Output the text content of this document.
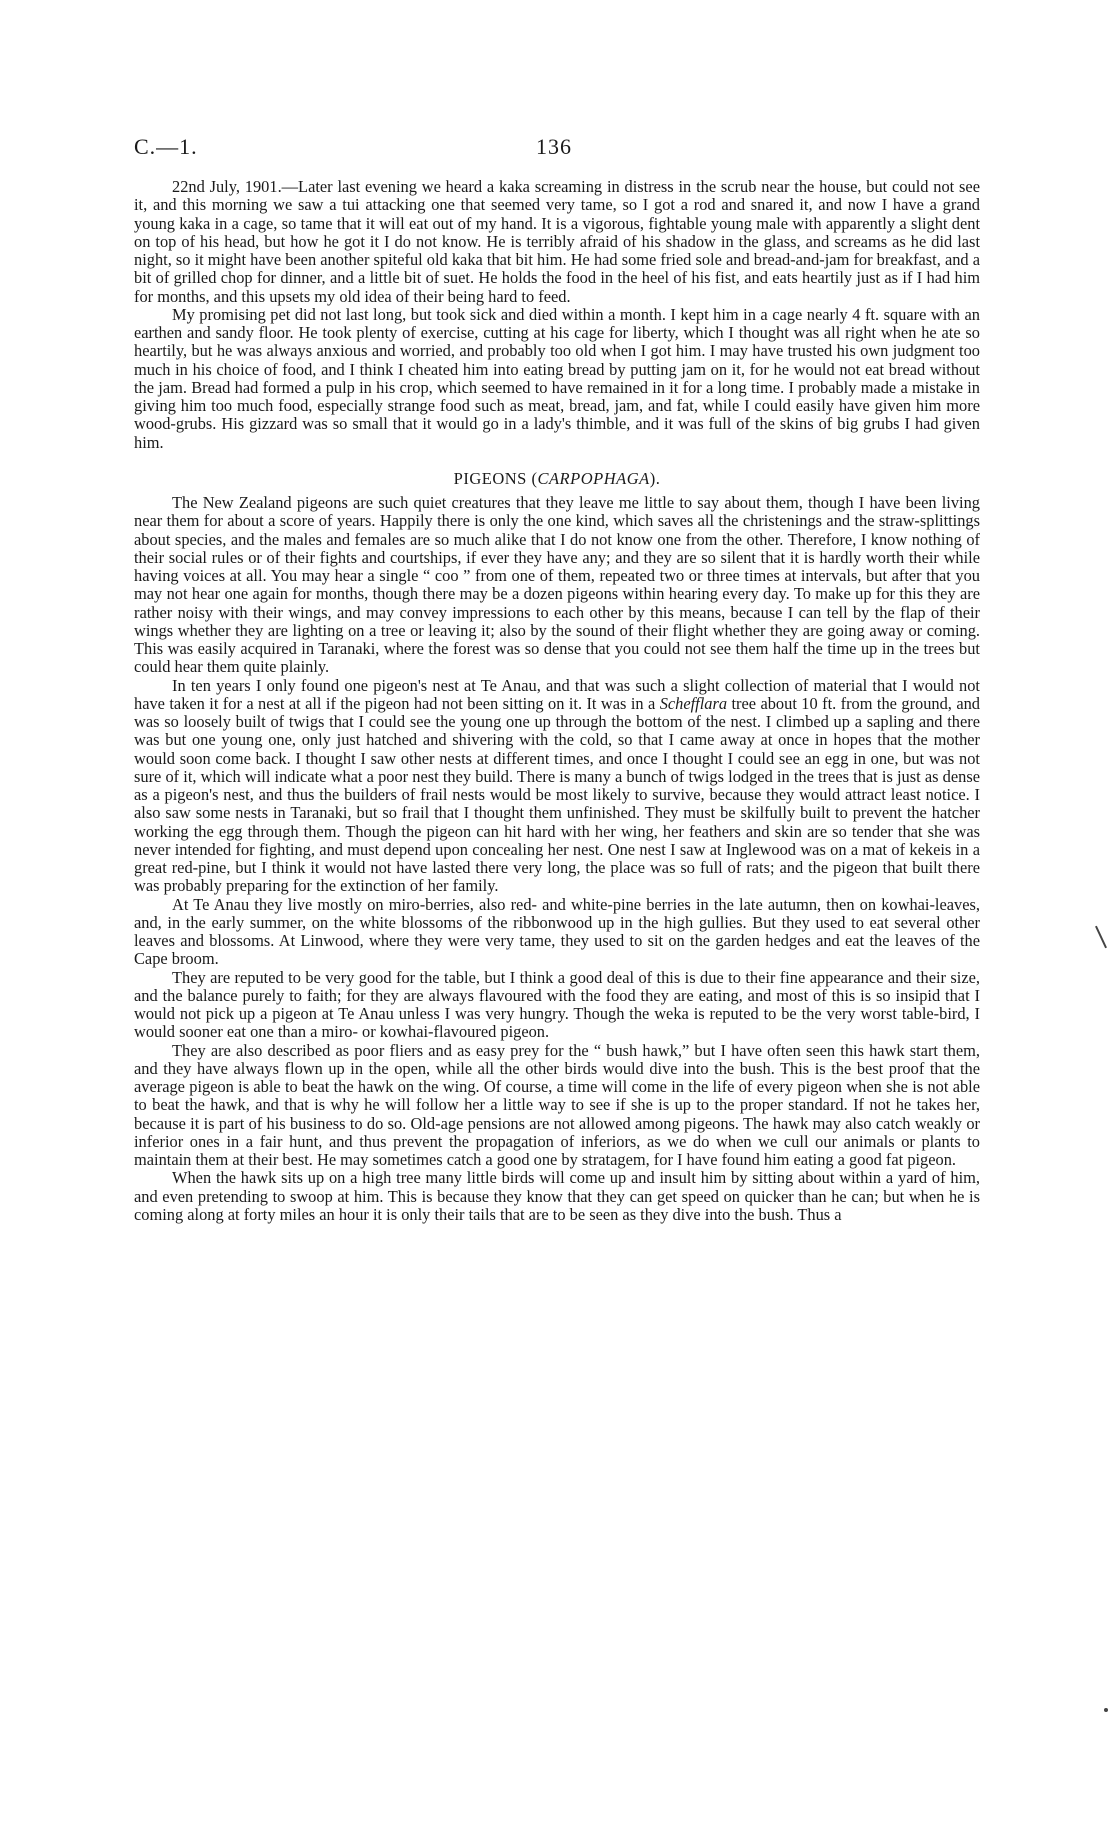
C.—1.	136

22nd July, 1901.—Later last evening we heard a kaka screaming in distress in the scrub near the house, but could not see it, and this morning we saw a tui attacking one that seemed very tame, so I got a rod and snared it, and now I have a grand young kaka in a cage, so tame that it will eat out of my hand. It is a vigorous, fightable young male with apparently a slight dent on top of his head, but how he got it I do not know. He is terribly afraid of his shadow in the glass, and screams as he did last night, so it might have been another spiteful old kaka that bit him. He had some fried sole and bread-and-jam for breakfast, and a bit of grilled chop for dinner, and a little bit of suet. He holds the food in the heel of his fist, and eats heartily just as if I had him for months, and this upsets my old idea of their being hard to feed.

My promising pet did not last long, but took sick and died within a month. I kept him in a cage nearly 4 ft. square with an earthen and sandy floor. He took plenty of exercise, cutting at his cage for liberty, which I thought was all right when he ate so heartily, but he was always anxious and worried, and probably too old when I got him. I may have trusted his own judgment too much in his choice of food, and I think I cheated him into eating bread by putting jam on it, for he would not eat bread without the jam. Bread had formed a pulp in his crop, which seemed to have remained in it for a long time. I probably made a mistake in giving him too much food, especially strange food such as meat, bread, jam, and fat, while I could easily have given him more wood-grubs. His gizzard was so small that it would go in a lady's thimble, and it was full of the skins of big grubs I had given him.

PIGEONS (CARPOPHAGA).

The New Zealand pigeons are such quiet creatures that they leave me little to say about them, though I have been living near them for about a score of years. Happily there is only the one kind, which saves all the christenings and the straw-splittings about species, and the males and females are so much alike that I do not know one from the other. Therefore, I know nothing of their social rules or of their fights and courtships, if ever they have any; and they are so silent that it is hardly worth their while having voices at all. You may hear a single “ coo ” from one of them, repeated two or three times at intervals, but after that you may not hear one again for months, though there may be a dozen pigeons within hearing every day. To make up for this they are rather noisy with their wings, and may convey impressions to each other by this means, because I can tell by the flap of their wings whether they are lighting on a tree or leaving it; also by the sound of their flight whether they are going away or coming. This was easily acquired in Taranaki, where the forest was so dense that you could not see them half the time up in the trees but could hear them quite plainly.

In ten years I only found one pigeon's nest at Te Anau, and that was such a slight collection of material that I would not have taken it for a nest at all if the pigeon had not been sitting on it. It was in a Schefflara tree about 10 ft. from the ground, and was so loosely built of twigs that I could see the young one up through the bottom of the nest. I climbed up a sapling and there was but one young one, only just hatched and shivering with the cold, so that I came away at once in hopes that the mother would soon come back. I thought I saw other nests at different times, and once I thought I could see an egg in one, but was not sure of it, which will indicate what a poor nest they build. There is many a bunch of twigs lodged in the trees that is just as dense as a pigeon's nest, and thus the builders of frail nests would be most likely to survive, because they would attract least notice. I also saw some nests in Taranaki, but so frail that I thought them unfinished. They must be skilfully built to prevent the hatcher working the egg through them. Though the pigeon can hit hard with her wing, her feathers and skin are so tender that she was never intended for fighting, and must depend upon concealing her nest. One nest I saw at Inglewood was on a mat of kekeis in a great red-pine, but I think it would not have lasted there very long, the place was so full of rats; and the pigeon that built there was probably preparing for the extinction of her family.

At Te Anau they live mostly on miro-berries, also red- and white-pine berries in the late autumn, then on kowhai-leaves, and, in the early summer, on the white blossoms of the ribbonwood up in the high gullies. But they used to eat several other leaves and blossoms. At Linwood, where they were very tame, they used to sit on the garden hedges and eat the leaves of the Cape broom.

They are reputed to be very good for the table, but I think a good deal of this is due to their fine appearance and their size, and the balance purely to faith; for they are always flavoured with the food they are eating, and most of this is so insipid that I would not pick up a pigeon at Te Anau unless I was very hungry. Though the weka is reputed to be the very worst table-bird, I would sooner eat one than a miro- or kowhai-flavoured pigeon.

They are also described as poor fliers and as easy prey for the “ bush hawk,” but I have often seen this hawk start them, and they have always flown up in the open, while all the other birds would dive into the bush. This is the best proof that the average pigeon is able to beat the hawk on the wing. Of course, a time will come in the life of every pigeon when she is not able to beat the hawk, and that is why he will follow her a little way to see if she is up to the proper standard. If not he takes her, because it is part of his business to do so. Old-age pensions are not allowed among pigeons. The hawk may also catch weakly or inferior ones in a fair hunt, and thus prevent the propagation of inferiors, as we do when we cull our animals or plants to maintain them at their best. He may sometimes catch a good one by stratagem, for I have found him eating a good fat pigeon.

When the hawk sits up on a high tree many little birds will come up and insult him by sitting about within a yard of him, and even pretending to swoop at him. This is because they know that they can get speed on quicker than he can; but when he is coming along at forty miles an hour it is only their tails that are to be seen as they dive into the bush. Thus a
